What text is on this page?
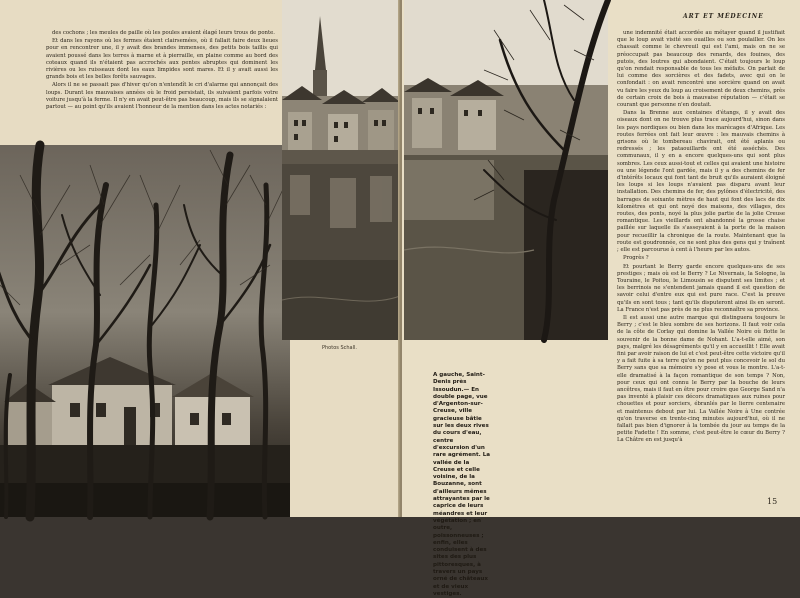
des cochons ; les meules de paille où les poules avaient élagé leurs trous de ponte.

Et dans les rayons où les fermes étaient clairsemées, où il fallait faire deux lieues pour en rencontrer une, il y avait des brandes immenses, des petits bois taillis qui avaient poussé dans les terres à marne et à pierraille, en plaine comme au bord des coteaux quand ils n'étaient pas accrochés aux pentes abruptes qui dominent les rivières ou les ruisseaux dont les eaux limpides sont mares. Et il y avait aussi les grands bois et les belles forêts sauvages.

Alors il ne se passait pas d'hiver qu'on n'entendît le cri d'alarme qui annonçait des loups. Durant les mauvaises années où le froid persistait, ils suivaient parfois votre voiture jusqu'à la ferme. Il n'y en avait peut-être pas beaucoup, mais ils se signalaient partout — au point qu'ils avaient l'honneur de la mention dans les actes notariés :

Photos Schall.

A gauche, Saint-Denis près Issoudun.— En double page, vue d'Argenton-sur-Creuse, ville gracieuse bâtie sur les deux rives du cours d'eau, centre d'excursion d'un rare agrément. La vallée de la Creuse et celle voisine, de la Bouzanne, sont d'ailleurs mêmes attrayantes par le caprice de leurs méandres et leur végétation ; en outre, poissonneuses ; enfin, elles conduisent à des sites des plus pittoresques, à travers un pays orné de châteaux et de vieux vestiges.

ART ET MÉDECINE

une indemnité était accordée au métayer quand il justifiait que le loup avait visité ses ouailles ou son poulailler. On les chassait comme le chevreuil qui est l'ami, mais on ne se préoccupait pas beaucoup des renards, des fouines, des putois, des loutres qui abondaient. C'était toujours le loup qu'on rendait responsable de tous les méfaits. On parlait de lui comme des sorcières et des fadets, avec qui on le confondait : on avait rencontré une sorcière quand on avait vu faire les yeux du loup au croisement de deux chemins, près de certain croix de bois à mauvaise réputation — c'était se courant que personne n'en doutait.

Dans la Brenne aux centaines d'étangs, il y avait des oiseaux dont on ne trouve plus trace aujourd'hui, sinon dans les pays nordiques ou bien dans les marécages d'Afrique. Les routes ferrées ont fait leur œuvre : les mauvais chemins à grisons où le tombereau chavirait, ont été aplanis ou redressés ; les pataouillards ont été asséchés. Des communaux, il y en a encore quelques-uns qui sont plus sombres. Les ceux aussi-tout et celles qui avaient une histoire ou une légende l'ont gardée, mais il y a des chemins de fer d'intérêts locaux qui font tant de bruit qu'ils auraient éloigné les loups si les loups n'avaient pas disparu avant leur installation. Des chemins de fer, des pylônes d'électricité, des barrages de soixante mètres de haut qui font des lacs de dix kilomètres et qui ont noyé des maisons, des villages, des routes, des ponts, noyé la plus jolie partie de la jolie Creuse romantique. Les vieillards ont abandonné la grosse chaise paillée sur laquelle ils s'asseyaient à la porte de la maison pour recueillir la chronique de la route. Maintenant que la route est goudronnée, ce ne sont plus des gens qui y traînent ; elle est parcourue à cent à l'heure par les autos.

Progrès ?

Et pourtant le Berry garde encore quelques-uns de ses prestiges ; mais où est le Berry ? Le Nivernais, la Sologne, la Touraine, le Poitou, le Limousin se disputent ses limites ; et les berrinois ne s'entendent jamais quand il est question de savoir celui d'entre eux qui est pure race. C'est la preuve qu'ils en sont tous ; tant qu'ils disputeront ainsi ils en seront. La France n'est pas près de ne plus reconnaître sa province.

Il est aussi une autre marque qui distinguera toujours le Berry ; c'est le bleu sombre de ses horizons. Il faut voir cela de la côte de Corlay qui domine la Vallée Noire où flotte le souvenir de la bonne dame de Nohant. L'a-t-elle aimé, son pays, malgré les désagréments qu'il y en accueillit ! Elle avait fini par avoir raison de lui et c'est peut-être cette victoire qu'il y a fait fuite à sa terre qu'on ne peut plus concevoir le sol du Berry sans que sa mémoire s'y pose et vous le montre. L'a-t-elle dramatisé à la façon romantique de son temps ? Non, pour ceux qui ont connu le Berry par la bouche de leurs ancêtres, mais il faut en être pour croire que George Sand n'a pas inventé à plaisir ces décors dramatiques aux ruines pour chouettes et pour sorciers, ébranlés par le lierre centenaire et maintenus debout par lui. La Vallée Noire à Une contrée qu'on traverse en trente-cinq minutes aujourd'hui, où il ne fallait pas bien d'ignorer à la tombée du jour au temps de la petite Fadette ! En somme, c'est peut-être le cœur du Berry ? La Châtre en est jusqu'à

15
